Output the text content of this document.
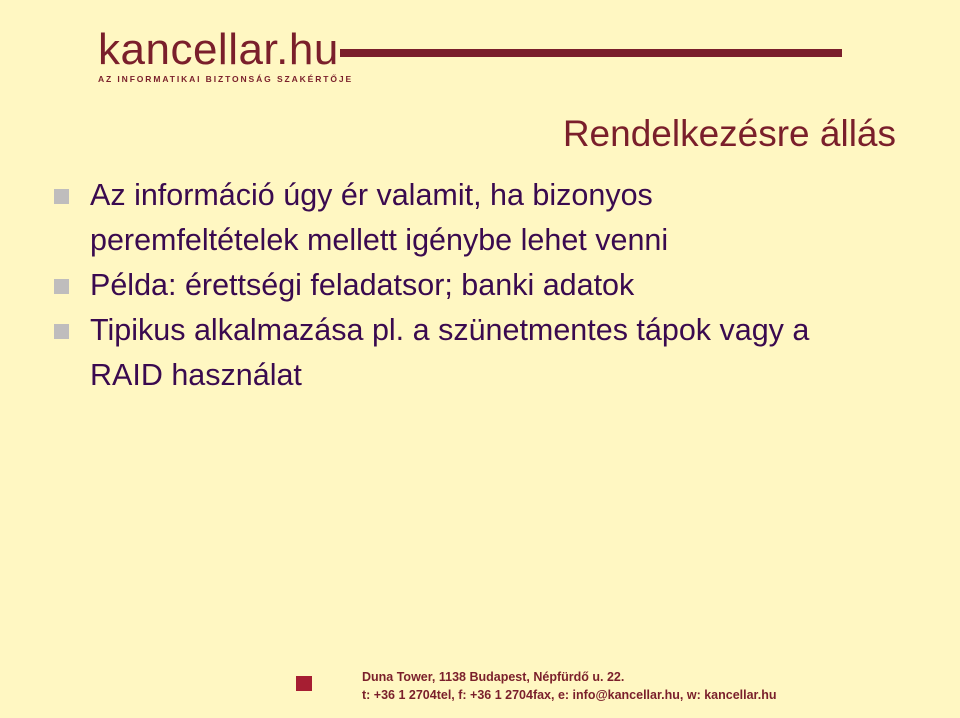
kancellar.hu
AZ INFORMATIKAI BIZTONSÁG SZAKÉRTŐJE
Rendelkezésre állás
Az információ úgy ér valamit, ha bizonyos
peremfeltételek mellett igénybe lehet venni
Példa: érettségi feladatsor; banki adatok
Tipikus alkalmazása pl. a szünetmentes tápok vagy a
RAID használat
Duna Tower, 1138 Budapest, Népfürdő u. 22.
t: +36 1 2704tel, f: +36 1 2704fax, e: info@kancellar.hu, w: kancellar.hu
